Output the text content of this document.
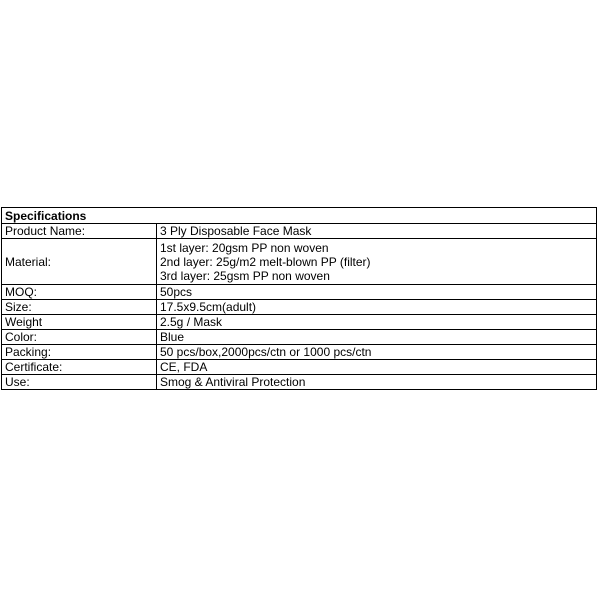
Specifications	
Product Name:	3 Ply Disposable Face Mask

Material:	1st layer: 20gsm PP non woven
2nd layer: 25g/m2 melt-blown PP (filter)
3rd layer: 25gsm PP non woven

MOQ:	50pcs

Size:	17.5x9.5cm(adult)

Weight	2.5g / Mask

Color:	Blue

Packing:	50 pcs/box,2000pcs/ctn or 1000 pcs/ctn

Certificate:	CE, FDA

Use:	Smog & Antiviral Protection
